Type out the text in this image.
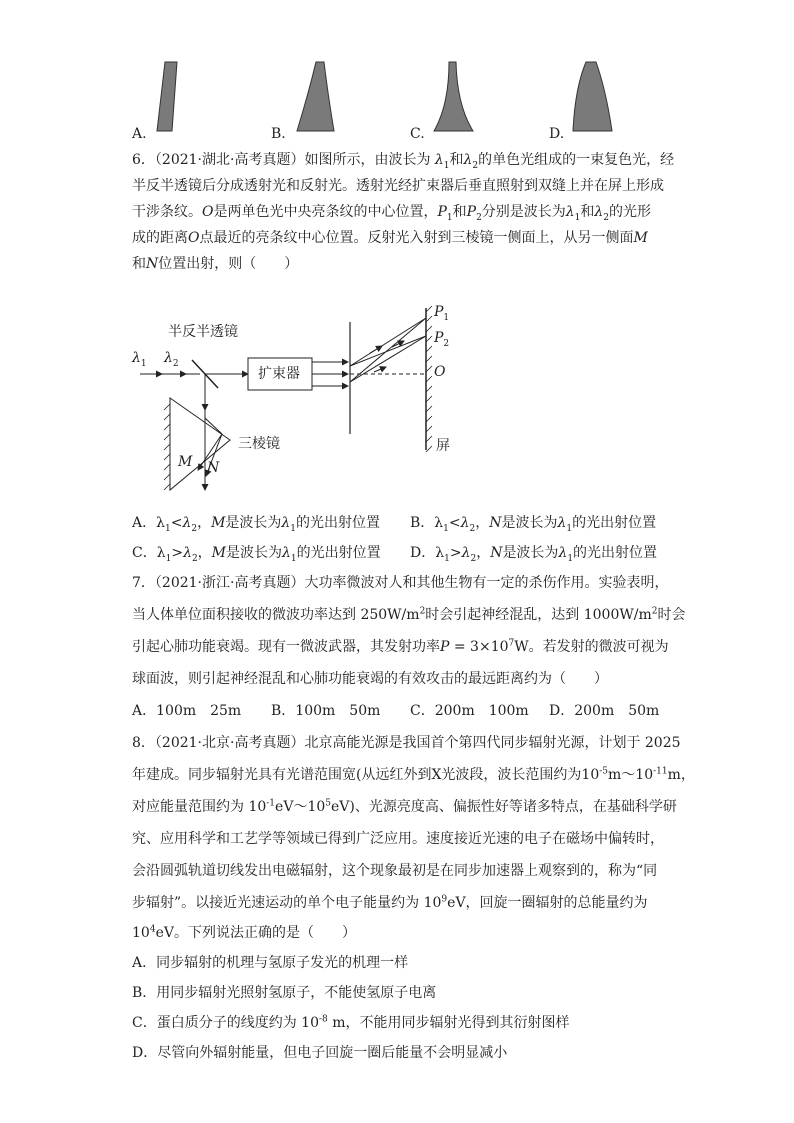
A.	B.	C.	D.
6．（2021·湖北·高考真题）如图所示，由波长为 $\lambda_1$和$\lambda_2$的单色光组成的一束复色光，经
半反半透镜后分成透射光和反射光。透射光经扩束器后垂直照射到双缝上并在屏上形成
干涉条纹。O是两单色光中央亮条纹的中心位置，$P_1$和$P_2$分别是波长为$\lambda_1$和$\lambda_2$的光形
成的距离O点最近的亮条纹中心位置。反射光入射到三棱镜一侧面上，从另一侧面M
和N位置出射，则（　　）
半反半透镜
$\lambda_1$ $\lambda_2$
扩束器
三棱镜
M N
$P_1$
$P_2$
O
屏
A．$\lambda_1<\lambda_2$，M是波长为$\lambda_1$的光出射位置 B．$\lambda_1<\lambda_2$，N是波长为$\lambda_1$的光出射位置
C．$\lambda_1>\lambda_2$，M是波长为$\lambda_1$的光出射位置 D．$\lambda_1>\lambda_2$，N是波长为$\lambda_1$的光出射位置
7．（2021·浙江·高考真题）大功率微波对人和其他生物有一定的杀伤作用。实验表明，
当人体单位面积接收的微波功率达到 $250W/m^2$时会引起神经混乱，达到 $1000W/m^2$时会
引起心肺功能衰竭。现有一微波武器，其发射功率$P = 3\times 10^7W$。若发射的微波可视为
球面波，则引起神经混乱和心肺功能衰竭的有效攻击的最远距离约为（　　）
A．100m　25m B．100m　50m C．200m　100m D．200m　50m
8．（2021·北京·高考真题）北京高能光源是我国首个第四代同步辐射光源，计划于 2025
年建成。同步辐射光具有光谱范围宽(从远红外到X光波段，波长范围约为$10^{-5}m\sim 10^{-11}m$，
对应能量范围约为 $10^{-1}eV\sim 10^5eV$)、光源亮度高、偏振性好等诸多特点，在基础科学研
究、应用科学和工艺学等领域已得到广泛应用。速度接近光速的电子在磁场中偏转时，
会沿圆弧轨道切线发出电磁辐射，这个现象最初是在同步加速器上观察到的，称为“同
步辐射”。以接近光速运动的单个电子能量约为 $10^9eV$，回旋一圈辐射的总能量约为
$10^4eV$。下列说法正确的是（　　）
A．同步辐射的机理与氢原子发光的机理一样
B．用同步辐射光照射氢原子，不能使氢原子电离
C．蛋白质分子的线度约为 $10^{-8}$ m，不能用同步辐射光得到其衍射图样
D．尽管向外辐射能量，但电子回旋一圈后能量不会明显减小
